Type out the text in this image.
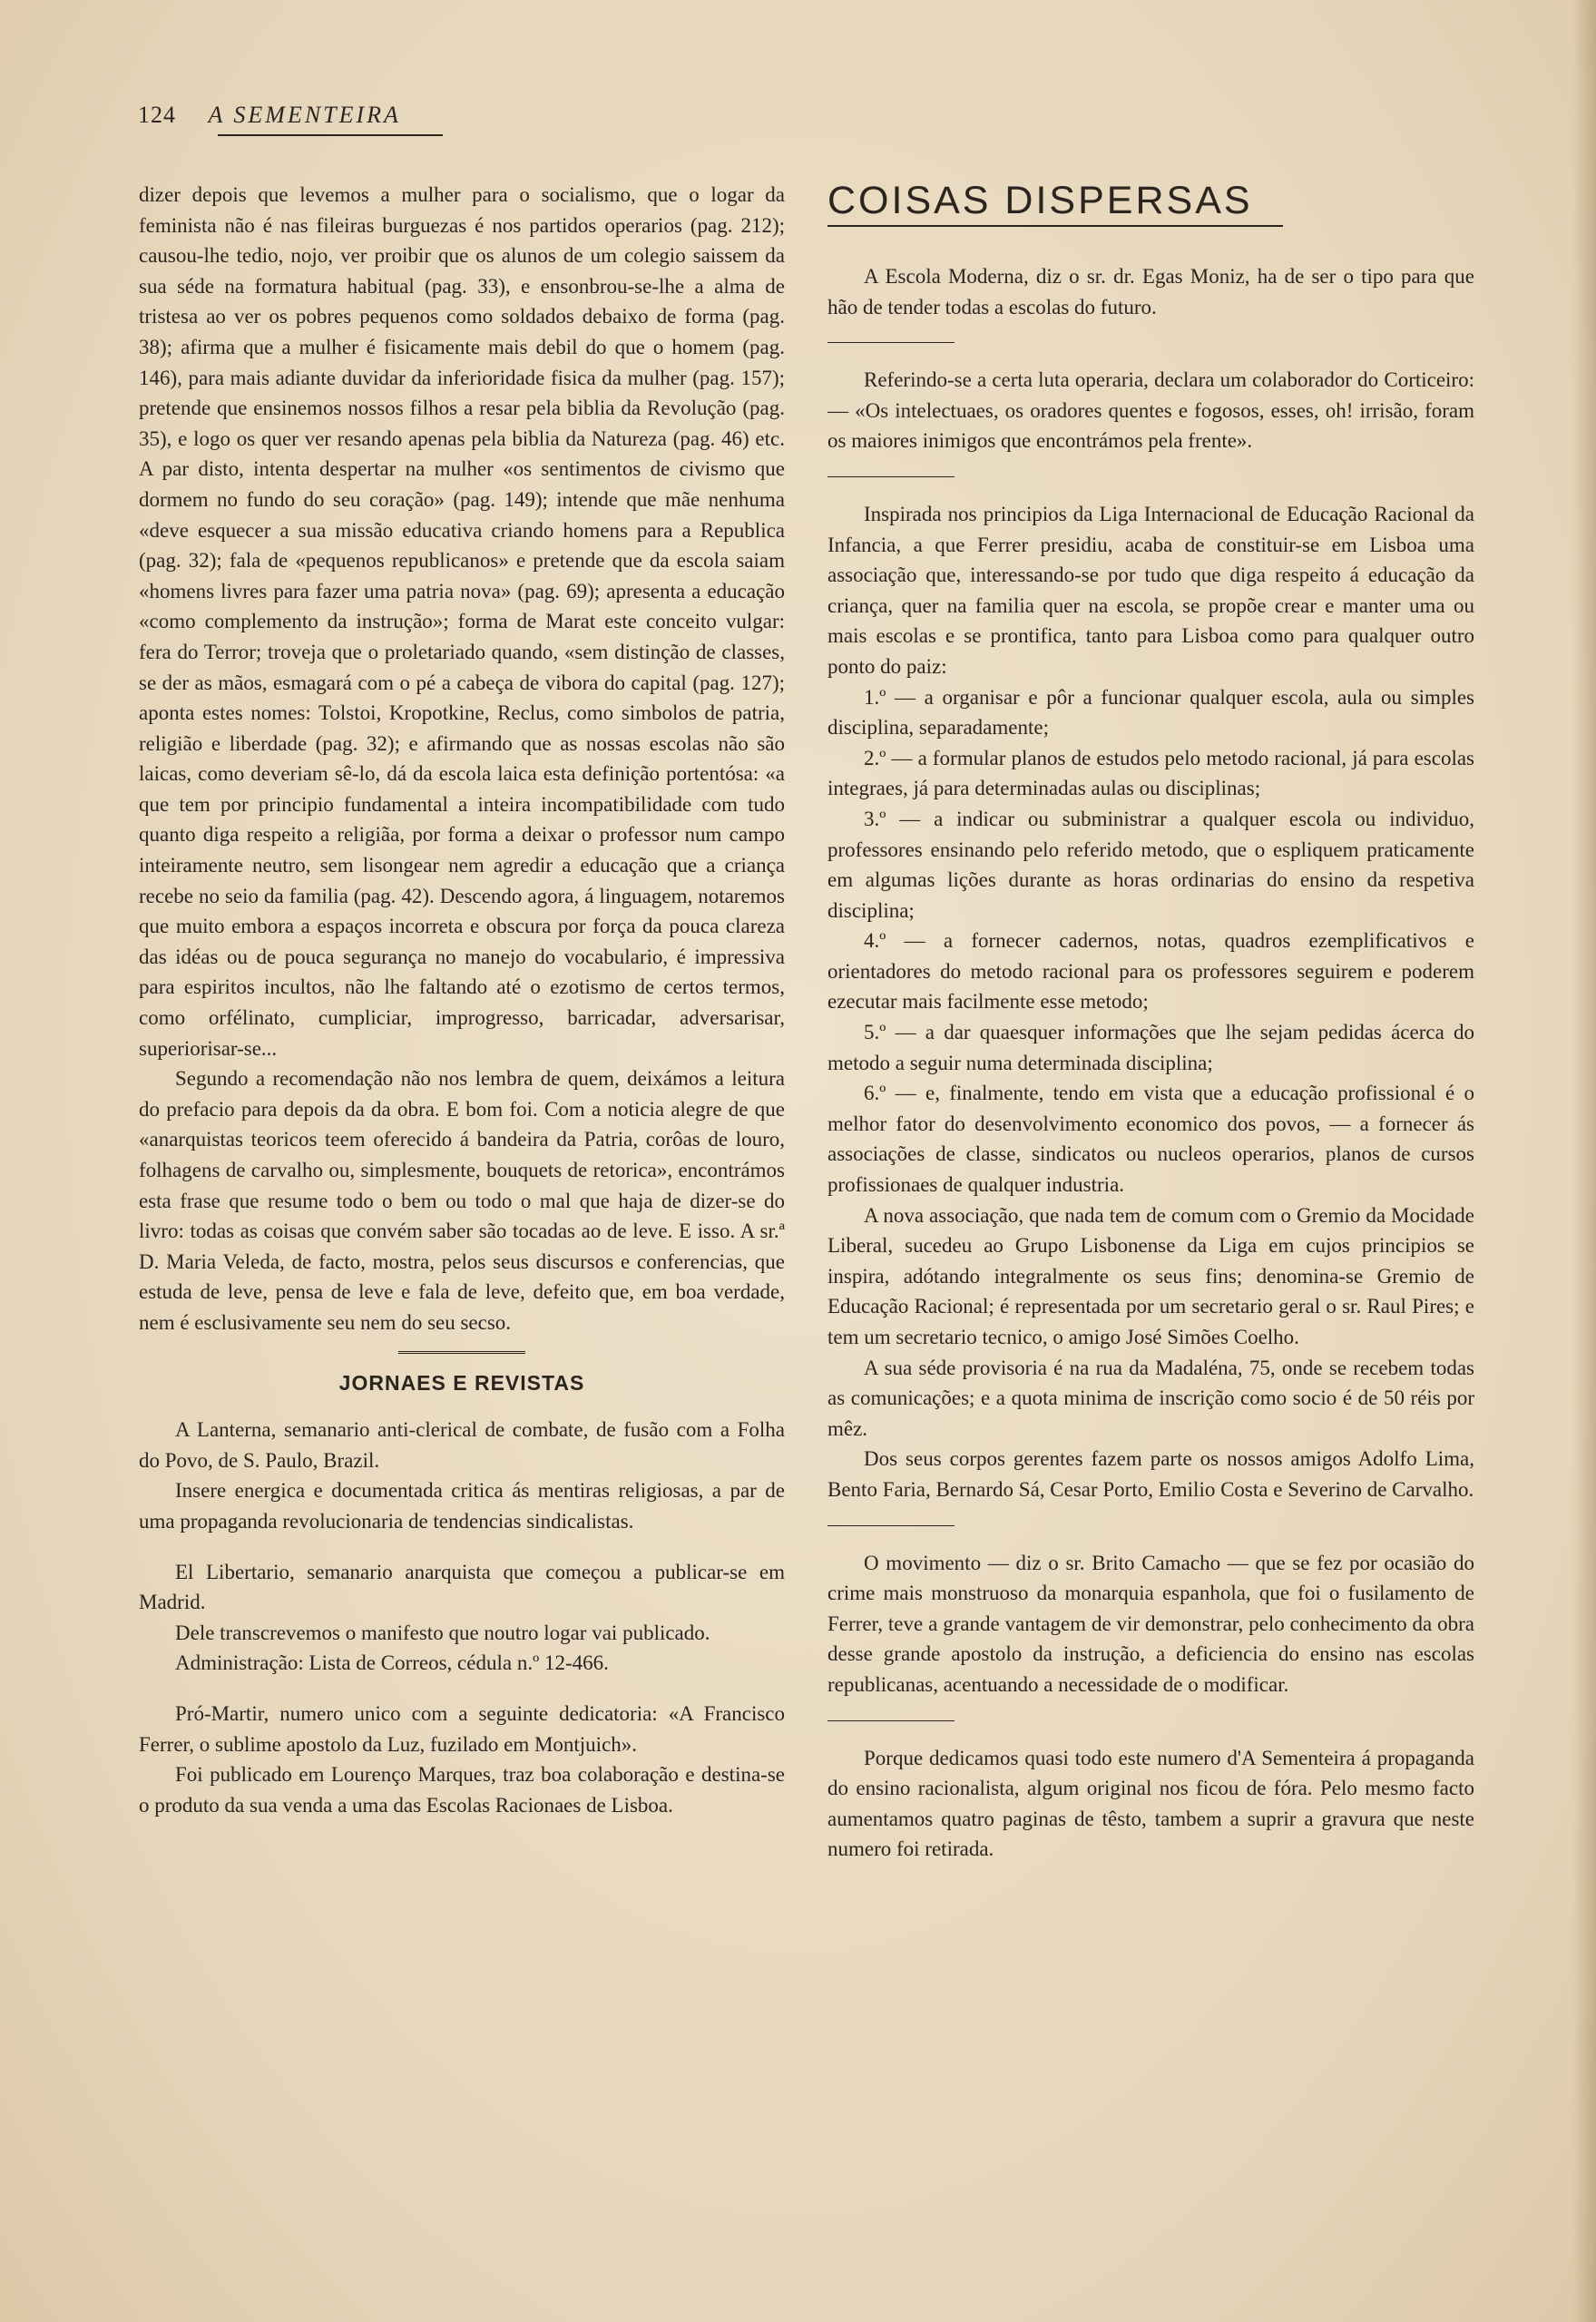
124 A SEMENTEIRA

dizer depois que levemos a mulher para o socialismo, que o logar da feminista não é nas fileiras burguezas é nos partidos operarios (pag. 212); causou-lhe tedio, nojo, ver proibir que os alunos de um colegio saissem da sua séde na formatura habitual (pag. 33), e ensonbrou-se-lhe a alma de tristesa ao ver os pobres pequenos como soldados debaixo de forma (pag. 38); afirma que a mulher é fisicamente mais debil do que o homem (pag. 146), para mais adiante duvidar da inferioridade fisica da mulher (pag. 157); pretende que ensinemos nossos filhos a resar pela biblia da Revolução (pag. 35), e logo os quer ver resando apenas pela biblia da Natureza (pag. 46) etc. A par disto, intenta despertar na mulher «os sentimentos de civismo que dormem no fundo do seu coração» (pag. 149); intende que mãe nenhuma «deve esquecer a sua missão educativa criando homens para a Republica (pag. 32); fala de «pequenos republicanos» e pretende que da escola saiam «homens livres para fazer uma patria nova» (pag. 69); apresenta a educação «como complemento da instrução»; forma de Marat este conceito vulgar: fera do Terror; troveja que o proletariado quando, «sem distinção de classes, se der as mãos, esmagará com o pé a cabeça de vibora do capital (pag. 127); aponta estes nomes: Tolstoi, Kropotkine, Reclus, como simbolos de patria, religião e liberdade (pag. 32); e afirmando que as nossas escolas não são laicas, como deveriam sê-lo, dá da escola laica esta definição portentósa: «a que tem por principio fundamental a inteira incompatibilidade com tudo quanto diga respeito a religiãa, por forma a deixar o professor num campo inteiramente neutro, sem lisongear nem agredir a educação que a criança recebe no seio da familia (pag. 42). Descendo agora, á linguagem, notaremos que muito embora a espaços incorreta e obscura por força da pouca clareza das idéas ou de pouca segurança no manejo do vocabulario, é impressiva para espiritos incultos, não lhe faltando até o ezotismo de certos termos, como orfélinato, cumpliciar, improgresso, barricadar, adversarisar, superiorisar-se...

Segundo a recomendação não nos lembra de quem, deixámos a leitura do prefacio para depois da da obra. E bom foi. Com a noticia alegre de que «anarquistas teoricos teem oferecido á bandeira da Patria, corôas de louro, folhagens de carvalho ou, simplesmente, bouquets de retorica», encontrámos esta frase que resume todo o bem ou todo o mal que haja de dizer-se do livro: todas as coisas que convém saber são tocadas ao de leve. E isso. A sr.ª D. Maria Veleda, de facto, mostra, pelos seus discursos e conferencias, que estuda de leve, pensa de leve e fala de leve, defeito que, em boa verdade, nem é esclusivamente seu nem do seu secso.

JORNAES E REVISTAS

A Lanterna, semanario anti-clerical de combate, de fusão com a Folha do Povo, de S. Paulo, Brazil.

Insere energica e documentada critica ás mentiras religiosas, a par de uma propaganda revolucionaria de tendencias sindicalistas.

El Libertario, semanario anarquista que começou a publicar-se em Madrid.

Dele transcrevemos o manifesto que noutro logar vai publicado.

Administração: Lista de Correos, cédula n.º 12-466.

Pró-Martir, numero unico com a seguinte dedicatoria: «A Francisco Ferrer, o sublime apostolo da Luz, fuzilado em Montjuich».

Foi publicado em Lourenço Marques, traz boa colaboração e destina-se o produto da sua venda a uma das Escolas Racionaes de Lisboa.

COISAS DISPERSAS

A Escola Moderna, diz o sr. dr. Egas Moniz, ha de ser o tipo para que hão de tender todas a escolas do futuro.

Referindo-se a certa luta operaria, declara um colaborador do Corticeiro: — «Os intelectuaes, os oradores quentes e fogosos, esses, oh! irrisão, foram os maiores inimigos que encontrámos pela frente».

Inspirada nos principios da Liga Internacional de Educação Racional da Infancia, a que Ferrer presidiu, acaba de constituir-se em Lisboa uma associação que, interessando-se por tudo que diga respeito á educação da criança, quer na familia quer na escola, se propõe crear e manter uma ou mais escolas e se prontifica, tanto para Lisboa como para qualquer outro ponto do paiz:

1.º — a organisar e pôr a funcionar qualquer escola, aula ou simples disciplina, separadamente;

2.º — a formular planos de estudos pelo metodo racional, já para escolas integraes, já para determinadas aulas ou disciplinas;

3.º — a indicar ou subministrar a qualquer escola ou individuo, professores ensinando pelo referido metodo, que o espliquem praticamente em algumas lições durante as horas ordinarias do ensino da respetiva disciplina;

4.º — a fornecer cadernos, notas, quadros ezemplificativos e orientadores do metodo racional para os professores seguirem e poderem ezecutar mais facilmente esse metodo;

5.º — a dar quaesquer informações que lhe sejam pedidas ácerca do metodo a seguir numa determinada disciplina;

6.º — e, finalmente, tendo em vista que a educação profissional é o melhor fator do desenvolvimento economico dos povos, — a fornecer ás associações de classe, sindicatos ou nucleos operarios, planos de cursos profissionaes de qualquer industria.

A nova associação, que nada tem de comum com o Gremio da Mocidade Liberal, sucedeu ao Grupo Lisbonense da Liga em cujos principios se inspira, adótando integralmente os seus fins; denomina-se Gremio de Educação Racional; é representada por um secretario geral o sr. Raul Pires; e tem um secretario tecnico, o amigo José Simões Coelho.

A sua séde provisoria é na rua da Madaléna, 75, onde se recebem todas as comunicações; e a quota minima de inscrição como socio é de 50 réis por mêz.

Dos seus corpos gerentes fazem parte os nossos amigos Adolfo Lima, Bento Faria, Bernardo Sá, Cesar Porto, Emilio Costa e Severino de Carvalho.

O movimento — diz o sr. Brito Camacho — que se fez por ocasião do crime mais monstruoso da monarquia espanhola, que foi o fusilamento de Ferrer, teve a grande vantagem de vir demonstrar, pelo conhecimento da obra desse grande apostolo da instrução, a deficiencia do ensino nas escolas republicanas, acentuando a necessidade de o modificar.

Porque dedicamos quasi todo este numero d'A Sementeira á propaganda do ensino racionalista, algum original nos ficou de fóra. Pelo mesmo facto aumentamos quatro paginas de têsto, tambem a suprir a gravura que neste numero foi retirada.
